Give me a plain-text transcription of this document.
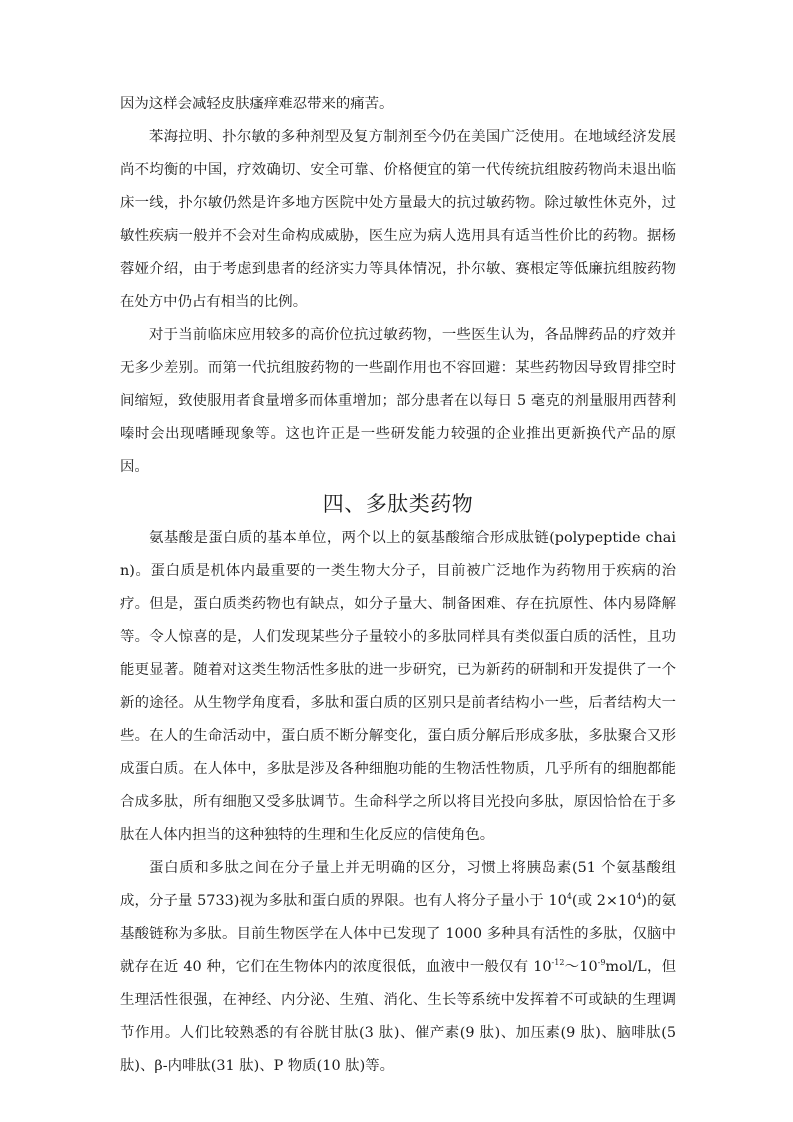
因为这样会减轻皮肤瘙痒难忍带来的痛苦。

苯海拉明、扑尔敏的多种剂型及复方制剂至今仍在美国广泛使用。在地域经济发展尚不均衡的中国，疗效确切、安全可靠、价格便宜的第一代传统抗组胺药物尚未退出临床一线，扑尔敏仍然是许多地方医院中处方量最大的抗过敏药物。除过敏性休克外，过敏性疾病一般并不会对生命构成威胁，医生应为病人选用具有适当性价比的药物。据杨蓉娅介绍，由于考虑到患者的经济实力等具体情况，扑尔敏、赛根定等低廉抗组胺药物在处方中仍占有相当的比例。

对于当前临床应用较多的高价位抗过敏药物，一些医生认为，各品牌药品的疗效并无多少差别。而第一代抗组胺药物的一些副作用也不容回避：某些药物因导致胃排空时间缩短，致使服用者食量增多而体重增加；部分患者在以每日 5 毫克的剂量服用西替利嗪时会出现嗜睡现象等。这也许正是一些研发能力较强的企业推出更新换代产品的原因。

四、多肽类药物

氨基酸是蛋白质的基本单位，两个以上的氨基酸缩合形成肽链(polypeptide chain)。蛋白质是机体内最重要的一类生物大分子，目前被广泛地作为药物用于疾病的治疗。但是，蛋白质类药物也有缺点，如分子量大、制备困难、存在抗原性、体内易降解等。令人惊喜的是，人们发现某些分子量较小的多肽同样具有类似蛋白质的活性，且功能更显著。随着对这类生物活性多肽的进一步研究，已为新药的研制和开发提供了一个新的途径。从生物学角度看，多肽和蛋白质的区别只是前者结构小一些，后者结构大一些。在人的生命活动中，蛋白质不断分解变化，蛋白质分解后形成多肽，多肽聚合又形成蛋白质。在人体中，多肽是涉及各种细胞功能的生物活性物质，几乎所有的细胞都能合成多肽，所有细胞又受多肽调节。生命科学之所以将目光投向多肽，原因恰恰在于多肽在人体内担当的这种独特的生理和生化反应的信使角色。

蛋白质和多肽之间在分子量上并无明确的区分，习惯上将胰岛素(51 个氨基酸组成，分子量 5733)视为多肽和蛋白质的界限。也有人将分子量小于 $10^4$(或 $2\times 10^4$)的氨基酸链称为多肽。目前生物医学在人体中已发现了 1000 多种具有活性的多肽，仅脑中就存在近 40 种，它们在生物体内的浓度很低，血液中一般仅有 $10^{-12}\sim 10^{-9}mol/L$，但生理活性很强，在神经、内分泌、生殖、消化、生长等系统中发挥着不可或缺的生理调节作用。人们比较熟悉的有谷胱甘肽(3 肽)、催产素(9 肽)、加压素(9 肽)、脑啡肽(5 肽)、β-内啡肽(31 肽)、P 物质(10 肽)等。
